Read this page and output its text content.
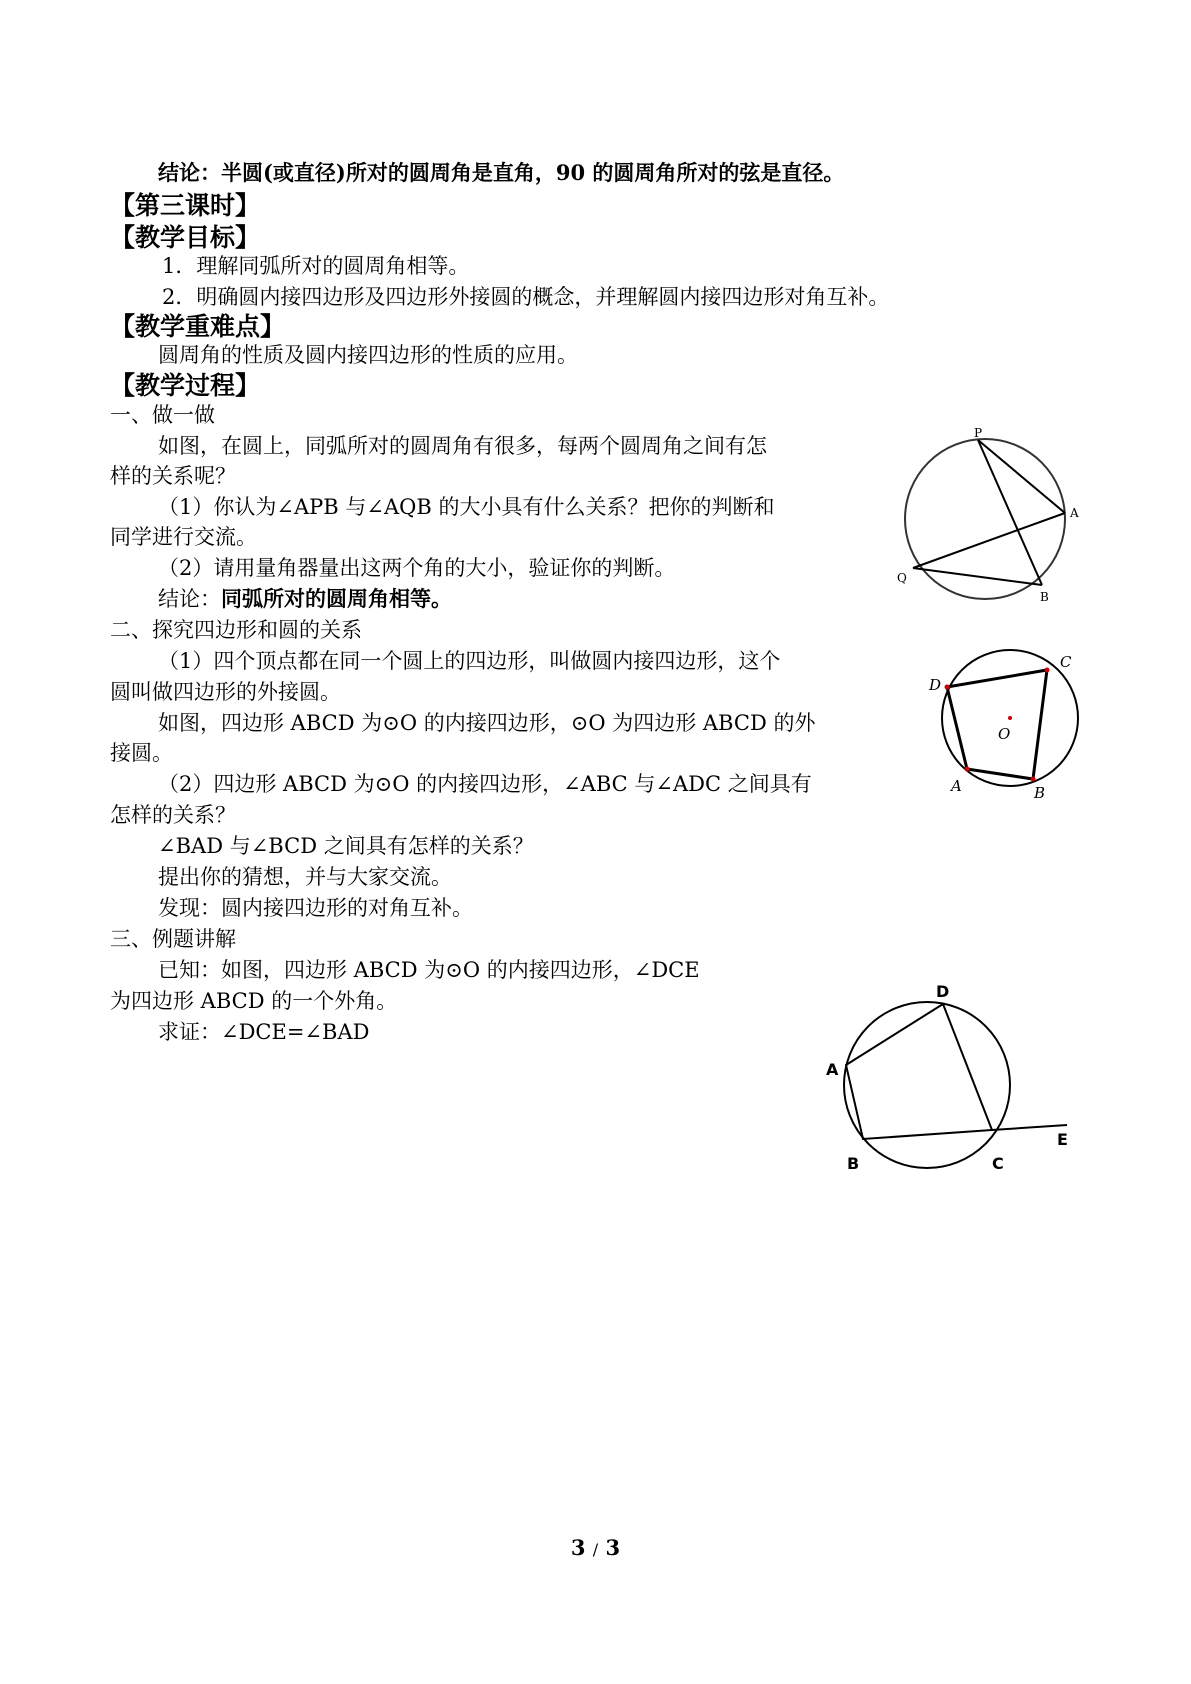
结论：半圆(或直径)所对的圆周角是直角，90 的圆周角所对的弦是直径。
【第三课时】
【教学目标】
1．理解同弧所对的圆周角相等。
2．明确圆内接四边形及四边形外接圆的概念，并理解圆内接四边形对角互补。
【教学重难点】
圆周角的性质及圆内接四边形的性质的应用。
【教学过程】
一、做一做
如图，在圆上，同弧所对的圆周角有很多，每两个圆周角之间有怎
样的关系呢？
（1）你认为∠APB 与∠AQB 的大小具有什么关系？把你的判断和
同学进行交流。
（2）请用量角器量出这两个角的大小，验证你的判断。
结论：同弧所对的圆周角相等。
二、探究四边形和圆的关系
（1）四个顶点都在同一个圆上的四边形，叫做圆内接四边形，这个
圆叫做四边形的外接圆。
如图，四边形 ABCD 为⊙O 的内接四边形，⊙O 为四边形 ABCD 的外
接圆。
（2）四边形 ABCD 为⊙O 的内接四边形，∠ABC 与∠ADC 之间具有
怎样的关系？
∠BAD 与∠BCD 之间具有怎样的关系？
提出你的猜想，并与大家交流。
发现：圆内接四边形的对角互补。
三、例题讲解
已知：如图，四边形 ABCD 为⊙O 的内接四边形，∠DCE
为四边形 ABCD 的一个外角。
求证：∠DCE=∠BAD
P
A
Q
B
D
C
O
A	B
D
A
B	C
E
3 / 3
